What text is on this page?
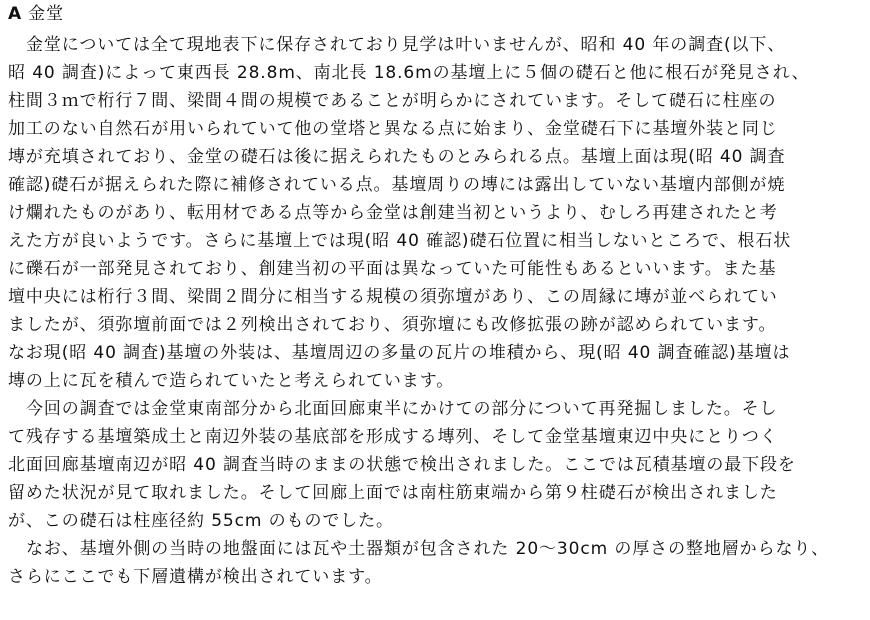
A 金堂
金堂については全て現地表下に保存されており見学は叶いませんが、昭和 40 年の調査(以下、
昭 40 調査)によって東西長 28.8m、南北長 18.6mの基壇上に５個の礎石と他に根石が発見され、
柱間３ｍで桁行７間、梁間４間の規模であることが明らかにされています。そして礎石に柱座の
加工のない自然石が用いられていて他の堂塔と異なる点に始まり、金堂礎石下に基壇外装と同じ
塼が充填されており、金堂の礎石は後に据えられたものとみられる点。基壇上面は現(昭 40 調査
確認)礎石が据えられた際に補修されている点。基壇周りの塼には露出していない基壇内部側が焼
け爛れたものがあり、転用材である点等から金堂は創建当初というより、むしろ再建されたと考
えた方が良いようです。さらに基壇上では現(昭 40 確認)礎石位置に相当しないところで、根石状
に礫石が一部発見されており、創建当初の平面は異なっていた可能性もあるといいます。また基
壇中央には桁行３間、梁間２間分に相当する規模の須弥壇があり、この周縁に塼が並べられてい
ましたが、須弥壇前面では２列検出されており、須弥壇にも改修拡張の跡が認められています。
なお現(昭 40 調査)基壇の外装は、基壇周辺の多量の瓦片の堆積から、現(昭 40 調査確認)基壇は
塼の上に瓦を積んで造られていたと考えられています。
今回の調査では金堂東南部分から北面回廊東半にかけての部分について再発掘しました。そし
て残存する基壇築成土と南辺外装の基底部を形成する塼列、そして金堂基壇東辺中央にとりつく
北面回廊基壇南辺が昭 40 調査当時のままの状態で検出されました。ここでは瓦積基壇の最下段を
留めた状況が見て取れました。そして回廊上面では南柱筋東端から第９柱礎石が検出されました
が、この礎石は柱座径約 55cm のものでした。
なお、基壇外側の当時の地盤面には瓦や土器類が包含された 20～30cm の厚さの整地層からなり、
さらにここでも下層遺構が検出されています。
